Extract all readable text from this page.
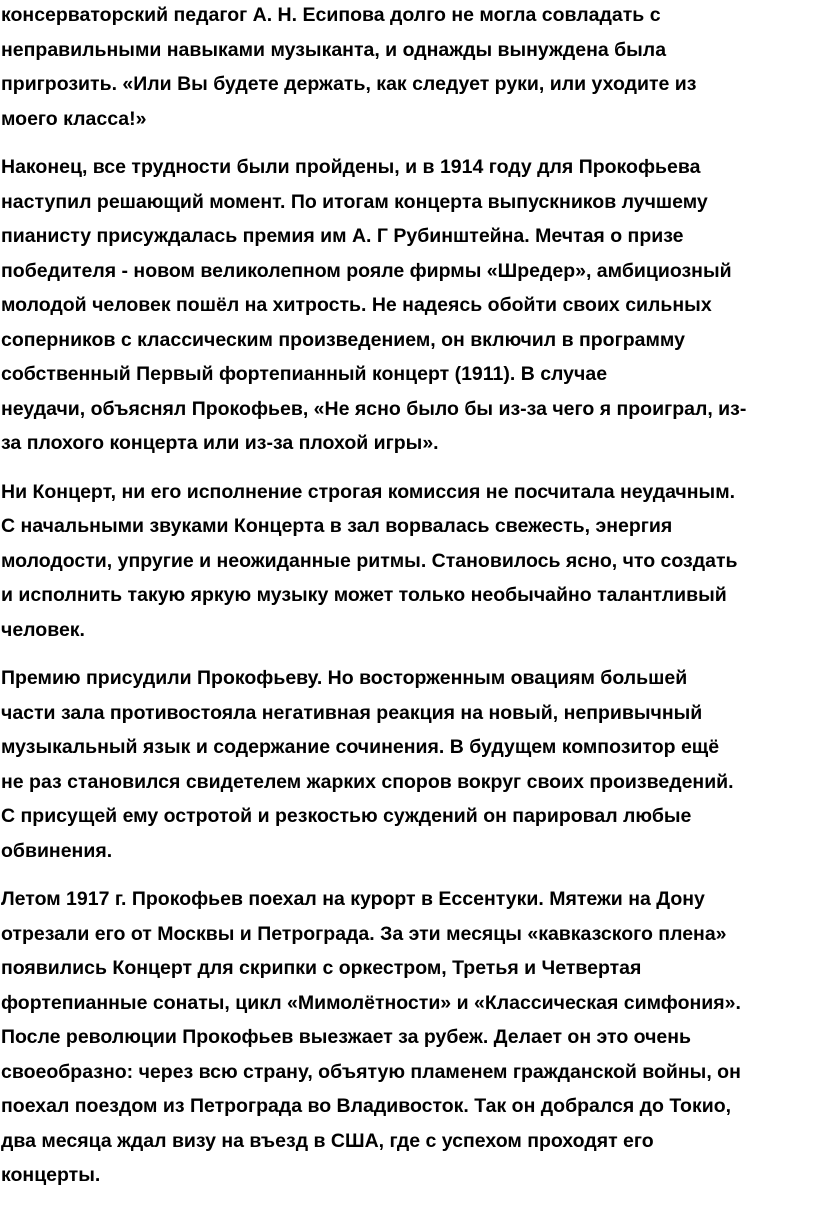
консерваторский педагог А. Н. Есипова долго не могла совладать с
неправильными навыками музыканта, и однажды вынуждена была
пригрозить. «Или Вы будете держать, как следует руки, или уходите из
моего класса!»
Наконец, все трудности были пройдены, и в 1914 году для Прокофьева
наступил решающий момент. По итогам концерта выпускников лучшему
пианисту присуждалась премия им А. Г Рубинштейна. Мечтая о призе
победителя - новом великолепном рояле фирмы «Шредер», амбициозный
молодой человек пошёл на хитрость. Не надеясь обойти своих сильных
соперников с классическим произведением, он включил в программу
собственный Первый фортепианный концерт (1911). В случае
неудачи, объяснял Прокофьев, «Не ясно было бы из-за чего я проиграл, из-
за плохого концерта или из-за плохой игры».
Ни Концерт, ни его исполнение строгая комиссия не посчитала неудачным.
С начальными звуками Концерта в зал ворвалась свежесть, энергия
молодости, упругие и неожиданные ритмы. Становилось ясно, что создать
и исполнить такую яркую музыку может только необычайно талантливый
человек.
Премию присудили Прокофьеву. Но восторженным овациям большей
части зала противостояла негативная реакция на новый, непривычный
музыкальный язык и содержание сочинения. В будущем композитор ещё
не раз становился свидетелем жарких споров вокруг своих произведений.
С присущей ему остротой и резкостью суждений он парировал любые
обвинения.
Летом 1917 г. Прокофьев поехал на курорт в Ессентуки. Мятежи на Дону
отрезали его от Москвы и Петрограда. За эти месяцы «кавказского плена»
появились Концерт для скрипки с оркестром, Третья и Четвертая
фортепианные сонаты, цикл «Мимолётности» и «Классическая симфония».
После революции Прокофьев выезжает за рубеж. Делает он это очень
своеобразно: через всю страну, объятую пламенем гражданской войны, он
поехал поездом из Петрограда во Владивосток. Так он добрался до Токио,
два месяца ждал визу на въезд в США, где с успехом проходят его
концерты.
